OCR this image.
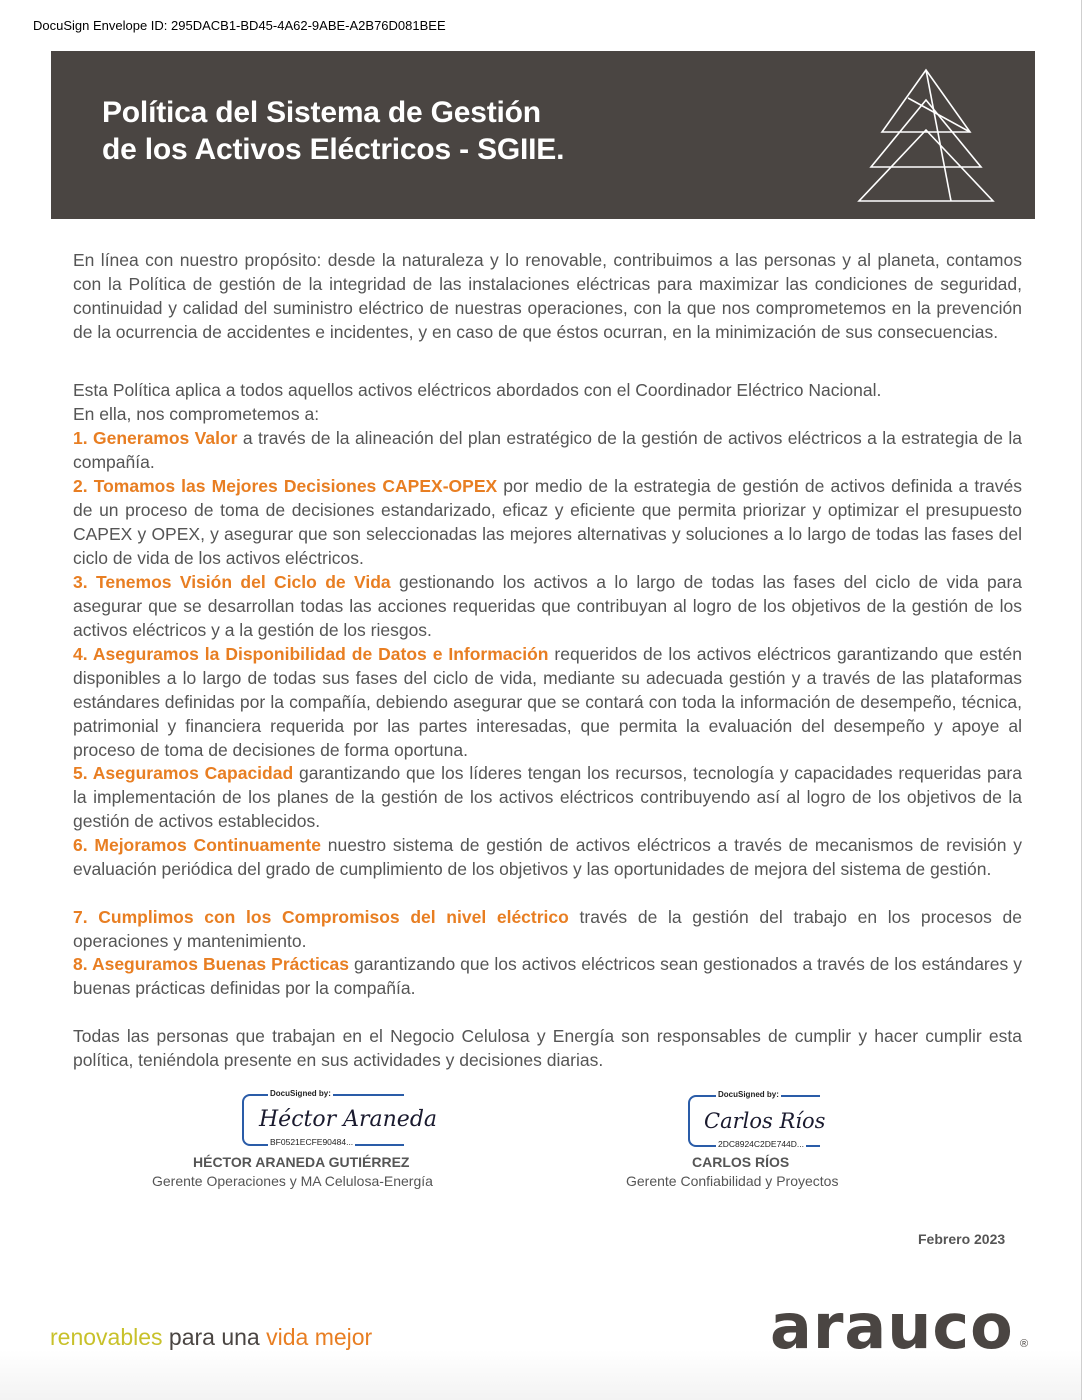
DocuSign Envelope ID: 295DACB1-BD45-4A62-9ABE-A2B76D081BEE
Política del Sistema de Gestión
de los Activos Eléctricos - SGIIE.

En línea con nuestro propósito: desde la naturaleza y lo renovable, contribuimos a las personas y al planeta, contamos con la Política de gestión de la integridad de las instalaciones eléctricas para maximizar las condiciones de seguridad, continuidad y calidad del suministro eléctrico de nuestras operaciones, con la que nos comprometemos en la prevención de la ocurrencia de accidentes e incidentes, y en caso de que éstos ocurran, en la minimización de sus consecuencias.

Esta Política aplica a todos aquellos activos eléctricos abordados con el Coordinador Eléctrico Nacional.

En ella, nos comprometemos a:

1. Generamos Valor a través de la alineación del plan estratégico de la gestión de activos eléctricos a la estrategia de la compañía.

2. Tomamos las Mejores Decisiones CAPEX-OPEX por medio de la estrategia de gestión de activos definida a través de un proceso de toma de decisiones estandarizado, eficaz y eficiente que permita priorizar y optimizar el presupuesto CAPEX y OPEX, y asegurar que son seleccionadas las mejores alternativas y soluciones a lo largo de todas las fases del ciclo de vida de los activos eléctricos.

3. Tenemos Visión del Ciclo de Vida gestionando los activos a lo largo de todas las fases del ciclo de vida para asegurar que se desarrollan todas las acciones requeridas que contribuyan al logro de los objetivos de la gestión de los activos eléctricos y a la gestión de los riesgos.

4. Aseguramos la Disponibilidad de Datos e Información requeridos de los activos eléctricos garantizando que estén disponibles a lo largo de todas sus fases del ciclo de vida, mediante su adecuada gestión y a través de las plataformas estándares definidas por la compañía, debiendo asegurar que se contará con toda la información de desempeño, técnica, patrimonial y financiera requerida por las partes interesadas, que permita la evaluación del desempeño y apoye al proceso de toma de decisiones de forma oportuna.

5. Aseguramos Capacidad garantizando que los líderes tengan los recursos, tecnología y capacidades requeridas para la implementación de los planes de la gestión de los activos eléctricos contribuyendo así al logro de los objetivos de la gestión de activos establecidos.

6. Mejoramos Continuamente nuestro sistema de gestión de activos eléctricos a través de mecanismos de revisión y evaluación periódica del grado de cumplimiento de los objetivos y las oportunidades de mejora del sistema de gestión.

7. Cumplimos con los Compromisos del nivel eléctrico través de la gestión del trabajo en los procesos de operaciones y mantenimiento.

8. Aseguramos Buenas Prácticas garantizando que los activos eléctricos sean gestionados a través de los estándares y buenas prácticas definidas por la compañía.

Todas las personas que trabajan en el Negocio Celulosa y Energía son responsables de cumplir y hacer cumplir esta política, teniéndola presente en sus actividades y decisiones diarias.

DocuSigned by:
Héctor Araneda
BF0521ECFE90484...
HÉCTOR ARANEDA GUTIÉRREZ
Gerente Operaciones y MA Celulosa-Energía
DocuSigned by:
Carlos Ríos
2DC8924C2DE744D...
CARLOS RÍOS
Gerente Confiabilidad y Proyectos
Febrero 2023
renovables para una vida mejor	arauco ®
